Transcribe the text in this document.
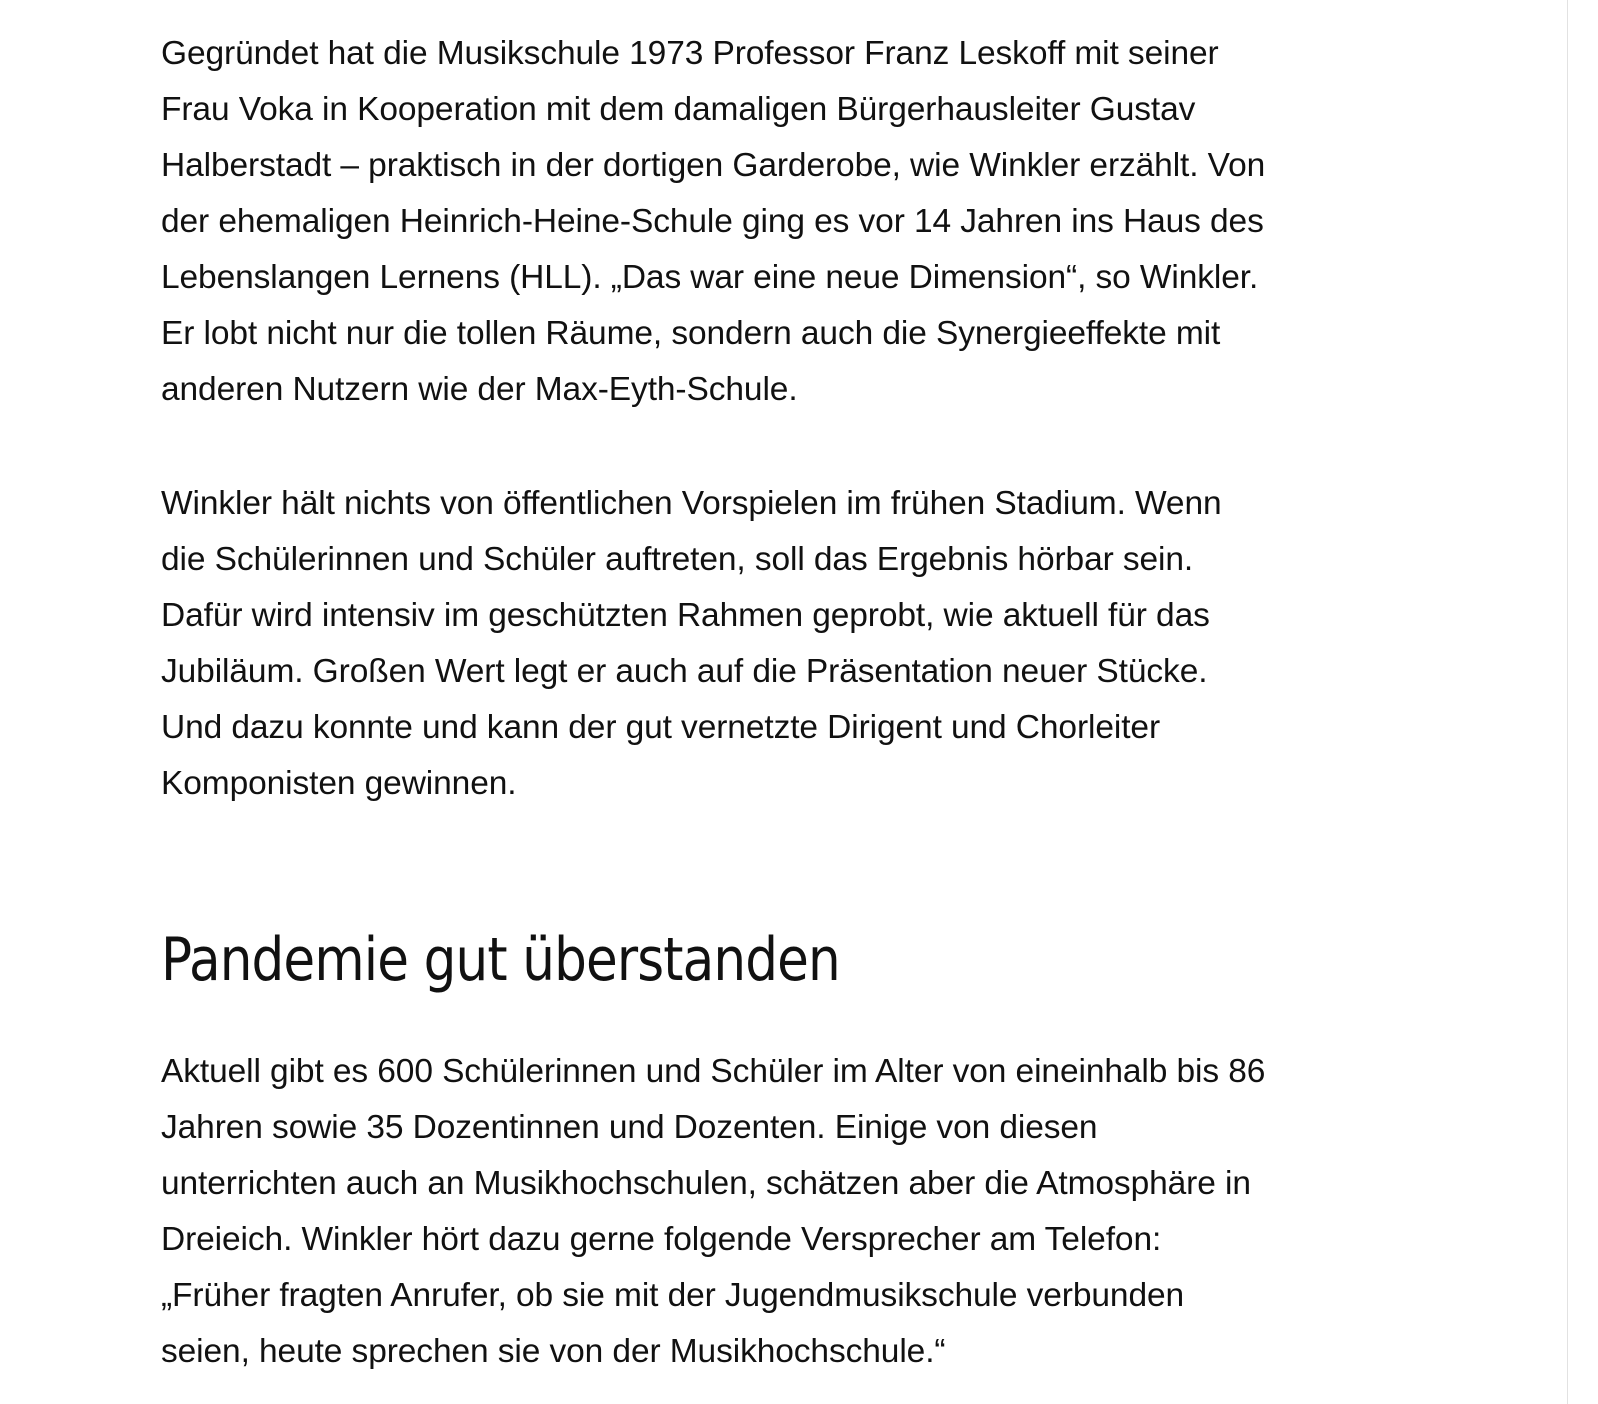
Gegründet hat die Musikschule 1973 Professor Franz Leskoff mit seiner
Frau Voka in Kooperation mit dem damaligen Bürgerhausleiter Gustav
Halberstadt – praktisch in der dortigen Garderobe, wie Winkler erzählt. Von
der ehemaligen Heinrich-Heine-Schule ging es vor 14 Jahren ins Haus des
Lebenslangen Lernens (HLL). „Das war eine neue Dimension“, so Winkler.
Er lobt nicht nur die tollen Räume, sondern auch die Synergieeffekte mit
anderen Nutzern wie der Max-Eyth-Schule.

Winkler hält nichts von öffentlichen Vorspielen im frühen Stadium. Wenn
die Schülerinnen und Schüler auftreten, soll das Ergebnis hörbar sein.
Dafür wird intensiv im geschützten Rahmen geprobt, wie aktuell für das
Jubiläum. Großen Wert legt er auch auf die Präsentation neuer Stücke.
Und dazu konnte und kann der gut vernetzte Dirigent und Chorleiter
Komponisten gewinnen.

Pandemie gut überstanden

Aktuell gibt es 600 Schülerinnen und Schüler im Alter von eineinhalb bis 86
Jahren sowie 35 Dozentinnen und Dozenten. Einige von diesen
unterrichten auch an Musikhochschulen, schätzen aber die Atmosphäre in
Dreieich. Winkler hört dazu gerne folgende Versprecher am Telefon:
„Früher fragten Anrufer, ob sie mit der Jugendmusikschule verbunden
seien, heute sprechen sie von der Musikhochschule.“
